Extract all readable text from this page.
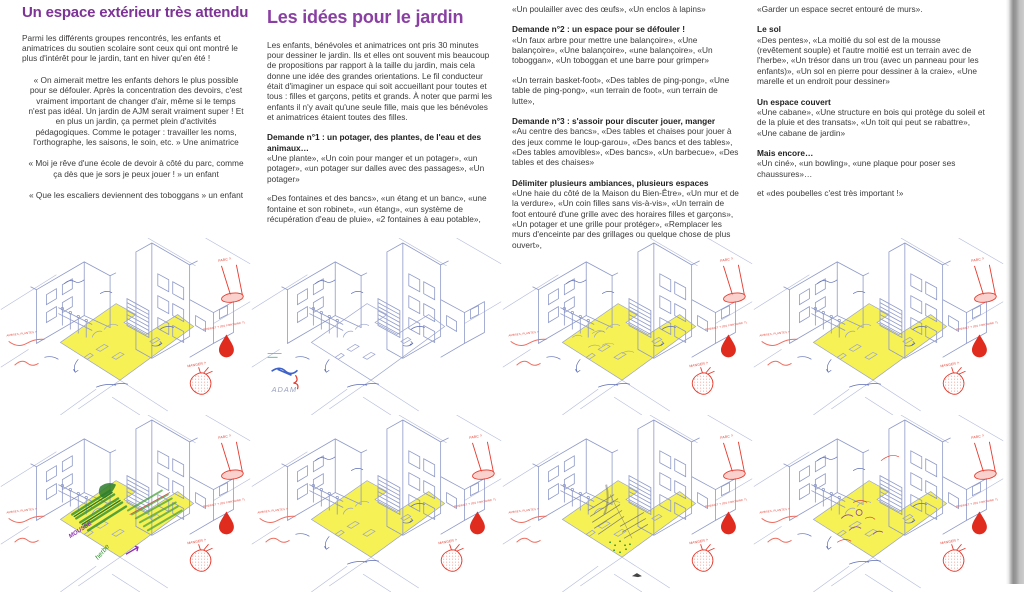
Un espace extérieur très attendu

Parmi les différents groupes rencontrés, les enfants et animatrices du soutien scolaire sont ceux qui ont montré le plus d'intérêt pour le jardin, tant en hiver qu'en été !

« On aimerait mettre les enfants dehors le plus possible pour se défouler. Après la concentration des devoirs, c'est vraiment important de changer d'air, même si le temps n'est pas idéal. Un jardin de AJM serait vraiment super ! Et en plus un jardin, ça permet plein d'activités pédagogiques. Comme le potager : travailler les noms, l'orthographe, les saisons, le soin, etc. » Une animatrice

« Moi je rêve d'une école de devoir à côté du parc, comme ça dès que je sors je peux jouer ! » un enfant

« Que les escaliers deviennent des toboggans » un enfant

Les idées pour le jardin

Les enfants, bénévoles et animatrices ont pris 30 minutes pour dessiner le jardin. Ils et elles ont souvent mis beaucoup de propositions par rapport à la taille du jardin, mais cela donne une idée des grandes orientations. Le fil conducteur était d'imaginer un espace qui soit accueillant pour toutes et tous : filles et garçons, petits et grands. À noter que parmi les enfants il n'y avait qu'une seule fille, mais que les bénévoles et animatrices étaient toutes des filles.

Demande n°1 : un potager, des plantes, de l'eau et des animaux…

«Une plante», «Un coin pour manger et un potager», «un potager», «un potager sur dalles avec des passages», «Un potager»

«Des fontaines et des bancs», «un étang et un banc», «une fontaine et son robinet», «un étang», «un système de récupération d'eau de pluie», «2 fontaines à eau potable»,

«Un poulailler avec des œufs», «Un enclos à lapins»

Demande n°2 : un espace pour se défouler !

«Un faux arbre pour mettre une balançoire», «Une balançoire», «Une balançoire», «une balançoire», «Un toboggan», «Un toboggan et une barre pour grimper»

«Un terrain basket-foot», «Des tables de ping-pong», «Une table de ping-pong», «un terrain de foot», «un terrain de lutte»,

Demande n°3 : s'assoir pour discuter jouer, manger

«Au centre des bancs», «Des tables et chaises pour jouer à des jeux comme le loup-garou», «Des bancs et des tables», «Des tables amovibles», «Des bancs», «Un barbecue», «Des tables et des chaises»

Délimiter plusieurs ambiances, plusieurs espaces

«Une haie du côté de la Maison du Bien-Être», «Un mur et de la verdure», «Un coin filles sans vis-à-vis», «Un terrain de foot entouré d'une grille avec des horaires filles et garçons», «Un potager et une grille pour protéger», «Remplacer les murs d'enceinte par des grillages ou quelque chose de plus ouvert»,

«Garder un espace secret entouré de murs».

Le sol

«Des pentes», «La moitié du sol est de la mousse (revêtement souple) et l'autre moitié est un terrain avec de l'herbe», «Un trésor dans un trou (avec un panneau pour les enfants)», «Un sol en pierre pour dessiner à la craie», «Une marelle et un endroit pour dessiner»

Un espace couvert

«Une cabane», «Une structure en bois qui protège du soleil et de la pluie et des transats», «Un toit qui peut se rabattre», «Une cabane de jardin»

Mais encore…

«Un ciné», «un bowling», «une plaque pour poser ses chaussures»…

et «des poubelles c'est très important !»
